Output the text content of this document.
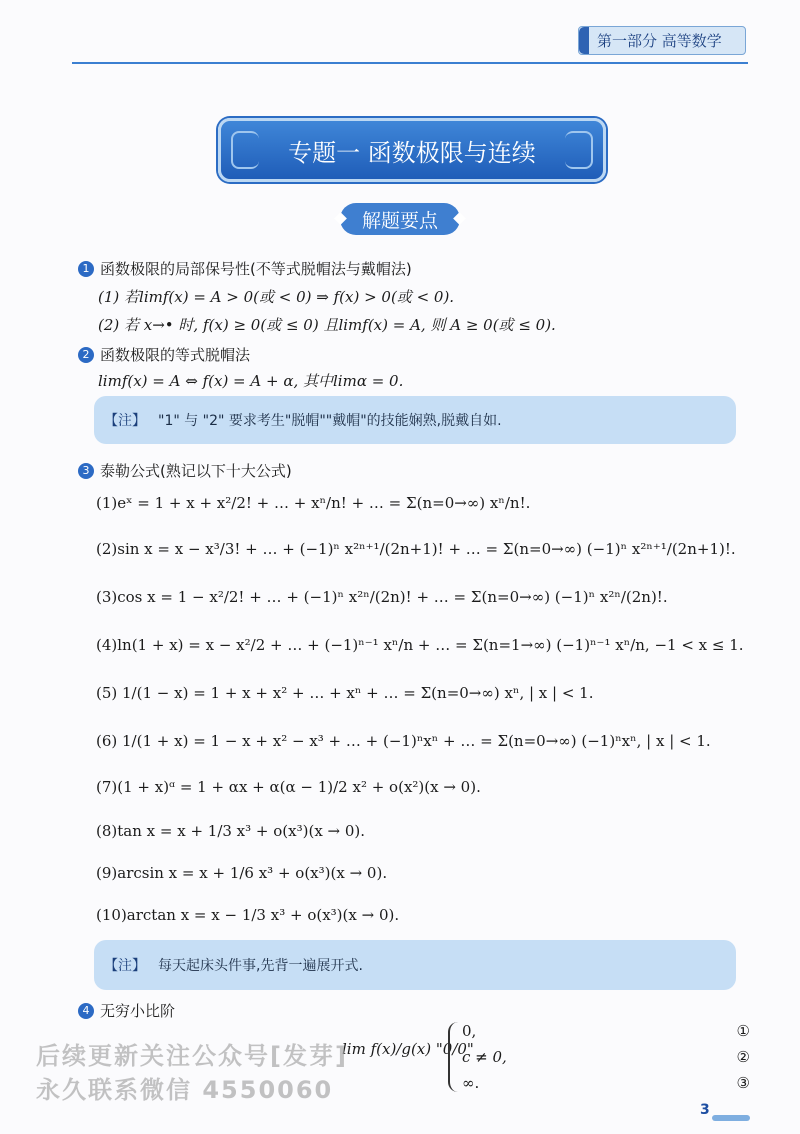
第一部分 高等数学
专题一 函数极限与连续
解题要点
1 函数极限的局部保号性(不等式脱帽法与戴帽法)
(1) 若limf(x) = A > 0(或 < 0) ⇒ f(x) > 0(或 < 0).
(2) 若 x→• 时, f(x) ≥ 0(或 ≤ 0) 且limf(x) = A, 则 A ≥ 0(或 ≤ 0).
2 函数极限的等式脱帽法
limf(x) = A ⇔ f(x) = A + α, 其中limα = 0.
【注】 "1" 与 "2" 要求考生"脱帽""戴帽"的技能娴熟,脱戴自如.
3 泰勒公式(熟记以下十大公式)
(1)eˣ = 1 + x + x²/2! + … + xⁿ/n! + … = Σ(n=0→∞) xⁿ/n!.
(2)sin x = x − x³/3! + … + (−1)ⁿ x²ⁿ⁺¹/(2n+1)! + … = Σ(n=0→∞) (−1)ⁿ x²ⁿ⁺¹/(2n+1)!.
(3)cos x = 1 − x²/2! + … + (−1)ⁿ x²ⁿ/(2n)! + … = Σ(n=0→∞) (−1)ⁿ x²ⁿ/(2n)!.
(4)ln(1 + x) = x − x²/2 + … + (−1)ⁿ⁻¹ xⁿ/n + … = Σ(n=1→∞) (−1)ⁿ⁻¹ xⁿ/n, −1 < x ≤ 1.
(5) 1/(1 − x) = 1 + x + x² + … + xⁿ + … = Σ(n=0→∞) xⁿ, | x | < 1.
(6) 1/(1 + x) = 1 − x + x² − x³ + … + (−1)ⁿxⁿ + … = Σ(n=0→∞) (−1)ⁿxⁿ, | x | < 1.
(7)(1 + x)ᵅ = 1 + αx + α(α − 1)/2 x² + o(x²)(x → 0).
(8)tan x = x + 1/3 x³ + o(x³)(x → 0).
(9)arcsin x = x + 1/6 x³ + o(x³)(x → 0).
(10)arctan x = x − 1/3 x³ + o(x³)(x → 0).
【注】 每天起床头件事,先背一遍展开式.
4 无穷小比阶
lim f(x)/g(x) "0/0"
0,
c ≠ 0,
∞.
①
②
③
后续更新关注公众号[发芽]
永久联系微信 4550060
3
